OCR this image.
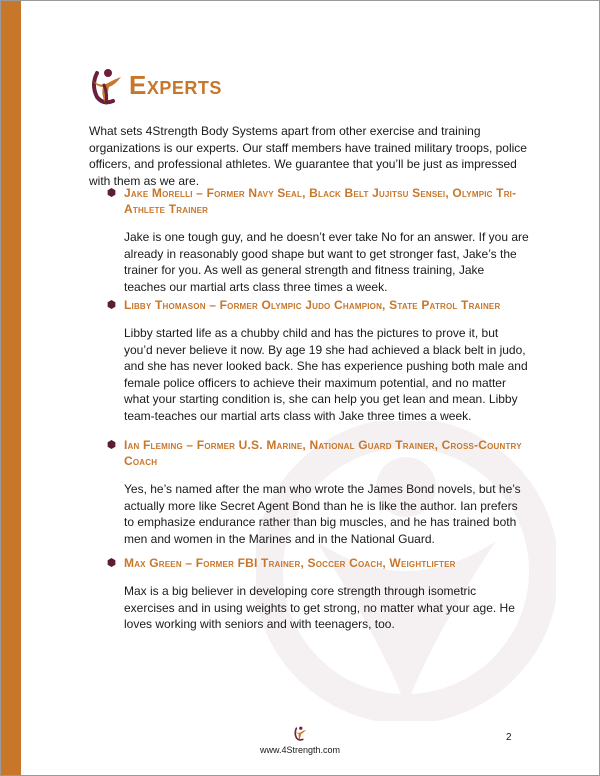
Experts
What sets 4Strength Body Systems apart from other exercise and training organizations is our experts. Our staff members have trained military troops, police officers, and professional athletes. We guarantee that you’ll be just as impressed with them as we are.
Jake Morelli – Former Navy Seal, Black Belt Jujitsu Sensei, Olympic Tri-Athlete Trainer
Jake is one tough guy, and he doesn’t ever take No for an answer. If you are already in reasonably good shape but want to get stronger fast, Jake’s the trainer for you. As well as general strength and fitness training, Jake teaches our martial arts class three times a week.
Libby Thomason – Former Olympic Judo Champion, State Patrol Trainer
Libby started life as a chubby child and has the pictures to prove it, but you’d never believe it now. By age 19 she had achieved a black belt in judo, and she has never looked back. She has experience pushing both male and female police officers to achieve their maximum potential, and no matter what your starting condition is, she can help you get lean and mean. Libby team-teaches our martial arts class with Jake three times a week.
Ian Fleming – Former U.S. Marine, National Guard Trainer, Cross-Country Coach
Yes, he’s named after the man who wrote the James Bond novels, but he’s actually more like Secret Agent Bond than he is like the author. Ian prefers to emphasize endurance rather than big muscles, and he has trained both men and women in the Marines and in the National Guard.
Max Green – Former FBI Trainer, Soccer Coach, Weightlifter
Max is a big believer in developing core strength through isometric exercises and in using weights to get strong, no matter what your age. He loves working with seniors and with teenagers, too.
www.4Strength.com
2
